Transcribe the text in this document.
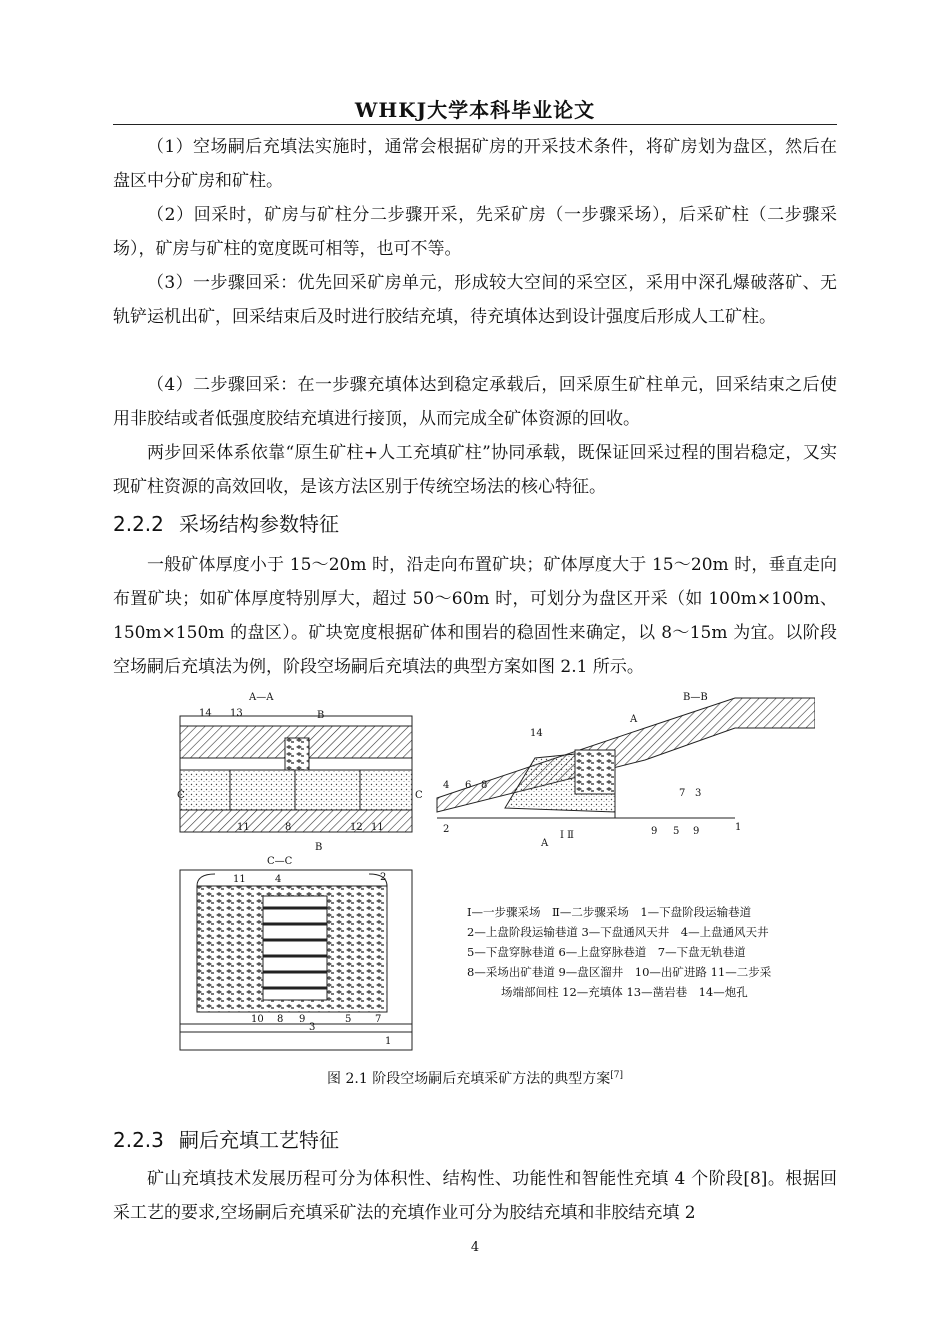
WHKJ大学本科毕业论文

（1）空场嗣后充填法实施时，通常会根据矿房的开采技术条件，将矿房划为盘区，然后在盘区中分矿房和矿柱。

（2）回采时，矿房与矿柱分二步骤开采，先采矿房（一步骤采场），后采矿柱（二步骤采场），矿房与矿柱的宽度既可相等，也可不等。

（3）一步骤回采：优先回采矿房单元，形成较大空间的采空区，采用中深孔爆破落矿、无轨铲运机出矿，回采结束后及时进行胶结充填，待充填体达到设计强度后形成人工矿柱。

（4）二步骤回采：在一步骤充填体达到稳定承载后，回采原生矿柱单元，回采结束之后使用非胶结或者低强度胶结充填进行接顶，从而完成全矿体资源的回收。

两步回采体系依靠“原生矿柱+人工充填矿柱”协同承载，既保证回采过程的围岩稳定，又实现矿柱资源的高效回收，是该方法区别于传统空场法的核心特征。

2.2.2 采场结构参数特征

一般矿体厚度小于 15～20m 时，沿走向布置矿块；矿体厚度大于 15～20m 时，垂直走向布置矿块；如矿体厚度特别厚大，超过 50～60m 时，可划分为盘区开采（如 100m×100m、150m×150m 的盘区）。矿块宽度根据矿体和围岩的稳固性来确定，以 8～15m 为宜。以阶段空场嗣后充填法为例，阶段空场嗣后充填法的典型方案如图 2.1 所示。

A—A
14 13	B
C
11	8	12 11
B
C
B—B
14
A
4 6 8
2
Ⅰ Ⅱ
A
9 5 9	1
7 3
C—C
11	4	2
10 8 9
3
5 7
1
Ⅰ—一步骤采场　Ⅱ—二步骤采场　1—下盘阶段运输巷道
2—上盘阶段运输巷道 3—下盘通风天井　4—上盘通风天井
5—下盘穿脉巷道 6—上盘穿脉巷道　7—下盘无轨巷道
8—采场出矿巷道 9—盘区溜井　10—出矿进路 11—二步采
场端部间柱 12—充填体 13—凿岩巷　14—炮孔
图 2.1 阶段空场嗣后充填采矿方法的典型方案[7]
2.2.3 嗣后充填工艺特征

矿山充填技术发展历程可分为体积性、结构性、功能性和智能性充填 4 个阶段[8]。根据回采工艺的要求,空场嗣后充填采矿法的充填作业可分为胶结充填和非胶结充填 2

4
